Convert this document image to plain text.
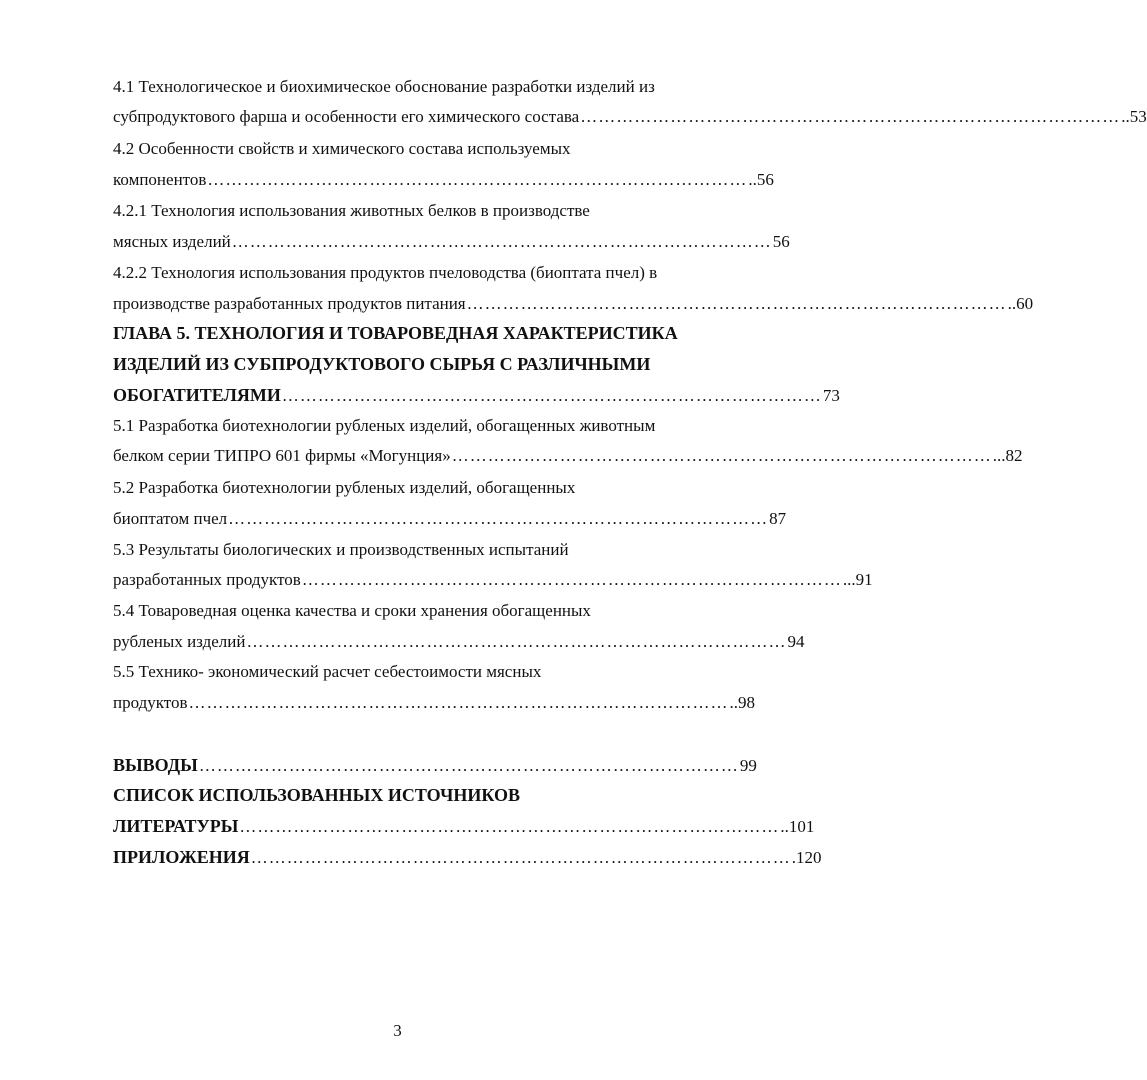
4.1 Технологическое и биохимическое обоснование разработки изделий из
субпродуктового фарша и особенности его химического состава ……………………………………………………………………………… ..53
4.2 Особенности свойств и химического состава используемых
компонентов ……………………………………………………………………………… ..56
4.2.1 Технология использования животных белков в производстве
мясных изделий ……………………………………………………………………………… 56
4.2.2 Технология использования продуктов пчеловодства (биоптата пчел) в
производстве разработанных продуктов питания ……………………………………………………………………………… ..60
ГЛАВА 5. ТЕХНОЛОГИЯ И ТОВАРОВЕДНАЯ ХАРАКТЕРИСТИКА
ИЗДЕЛИЙ ИЗ СУБПРОДУКТОВОГО СЫРЬЯ С РАЗЛИЧНЫМИ
ОБОГАТИТЕЛЯМИ ……………………………………………………………………………… 73
5.1 Разработка биотехнологии рубленых изделий, обогащенных животным
белком серии ТИПРО 601 фирмы «Могунция» ……………………………………………………………………………… ...82
5.2 Разработка биотехнологии рубленых изделий, обогащенных
биоптатом пчел ……………………………………………………………………………… 87
5.3 Результаты биологических и производственных испытаний
разработанных продуктов ……………………………………………………………………………… ...91
5.4 Товароведная оценка качества и сроки хранения обогащенных
рубленых изделий ……………………………………………………………………………… 94
5.5 Технико- экономический расчет себестоимости мясных
продуктов ……………………………………………………………………………… ..98
ВЫВОДЫ ……………………………………………………………………………… 99
СПИСОК ИСПОЛЬЗОВАННЫХ ИСТОЧНИКОВ
ЛИТЕРАТУРЫ ……………………………………………………………………………… ..101
ПРИЛОЖЕНИЯ ……………………………………………………………………………… .120
3
